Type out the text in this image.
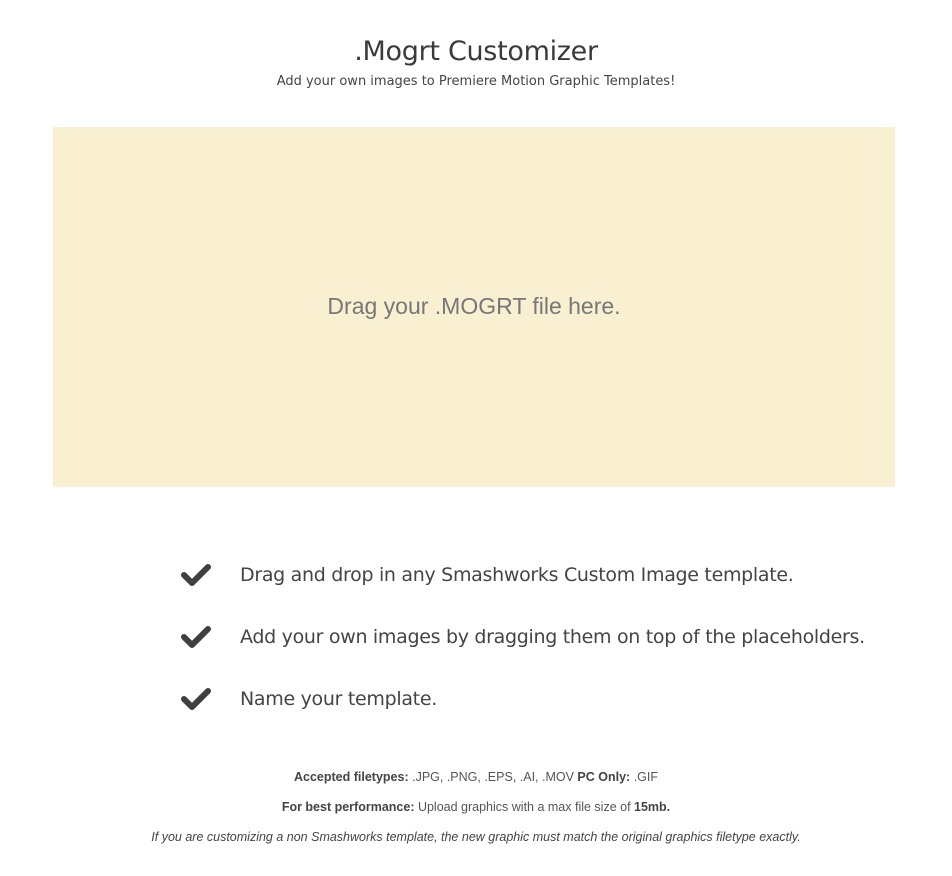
.Mogrt Customizer

Add your own images to Premiere Motion Graphic Templates!

Drag your .MOGRT file here.
Drag and drop in any Smashworks Custom Image template.
Add your own images by dragging them on top of the placeholders.
Name your template.

Accepted filetypes: .JPG, .PNG, .EPS, .AI, .MOV PC Only: .GIF

For best performance: Upload graphics with a max file size of 15mb.

If you are customizing a non Smashworks template, the new graphic must match the original graphics filetype exactly.
